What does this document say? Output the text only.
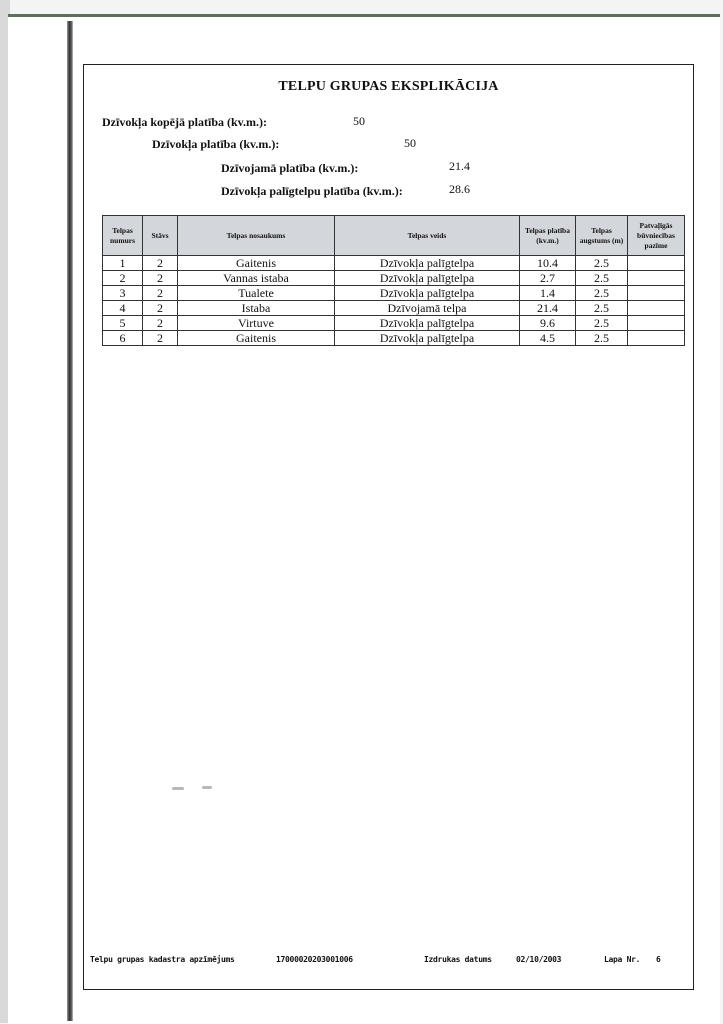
TELPU GRUPAS EKSPLIKĀCIJA
Dzīvokļa kopējā platība (kv.m.):	50
Dzīvokļa platība (kv.m.):	50
Dzīvojamā platība (kv.m.):	21.4
Dzīvokļa palīgtelpu platība (kv.m.):	28.6
Telpas numurs	Stāvs	Telpas nosaukums	Telpas veids	Telpas platība (kv.m.)	Telpas augstums (m)	Patvaļīgās būvniecības pazīme
1	2	Gaitenis	Dzīvokļa palīgtelpa	10.4	2.5	
2	2	Vannas istaba	Dzīvokļa palīgtelpa	2.7	2.5	
3	2	Tualete	Dzīvokļa palīgtelpa	1.4	2.5	
4	2	Istaba	Dzīvojamā telpa	21.4	2.5	
5	2	Virtuve	Dzīvokļa palīgtelpa	9.6	2.5	
6	2	Gaitenis	Dzīvokļa palīgtelpa	4.5	2.5	
Telpu grupas kadastra apzīmējums	17000020203001006	Izdrukas datums	02/10/2003	Lapa Nr. 6
